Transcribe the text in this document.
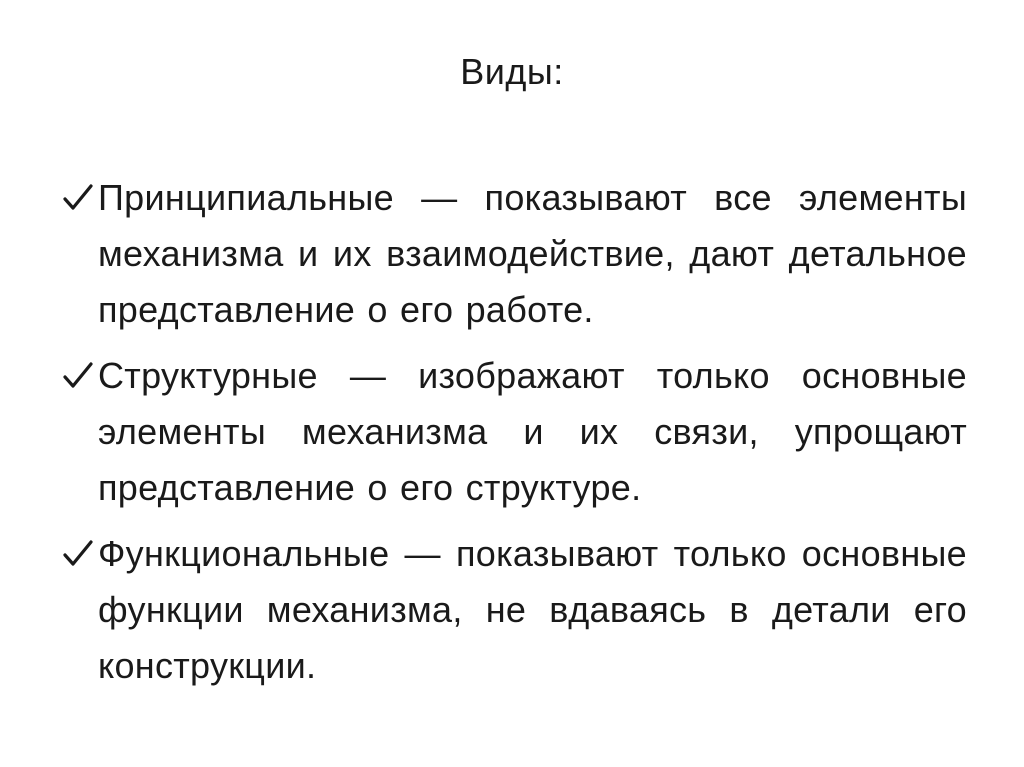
Виды:
Принципиальные — показывают все элементы механизма и их взаимодействие, дают детальное представление о его работе.
Структурные — изображают только основные элементы механизма и их связи, упрощают представление о его структуре.
Функциональные — показывают только основные функции механизма, не вдаваясь в детали его конструкции.
